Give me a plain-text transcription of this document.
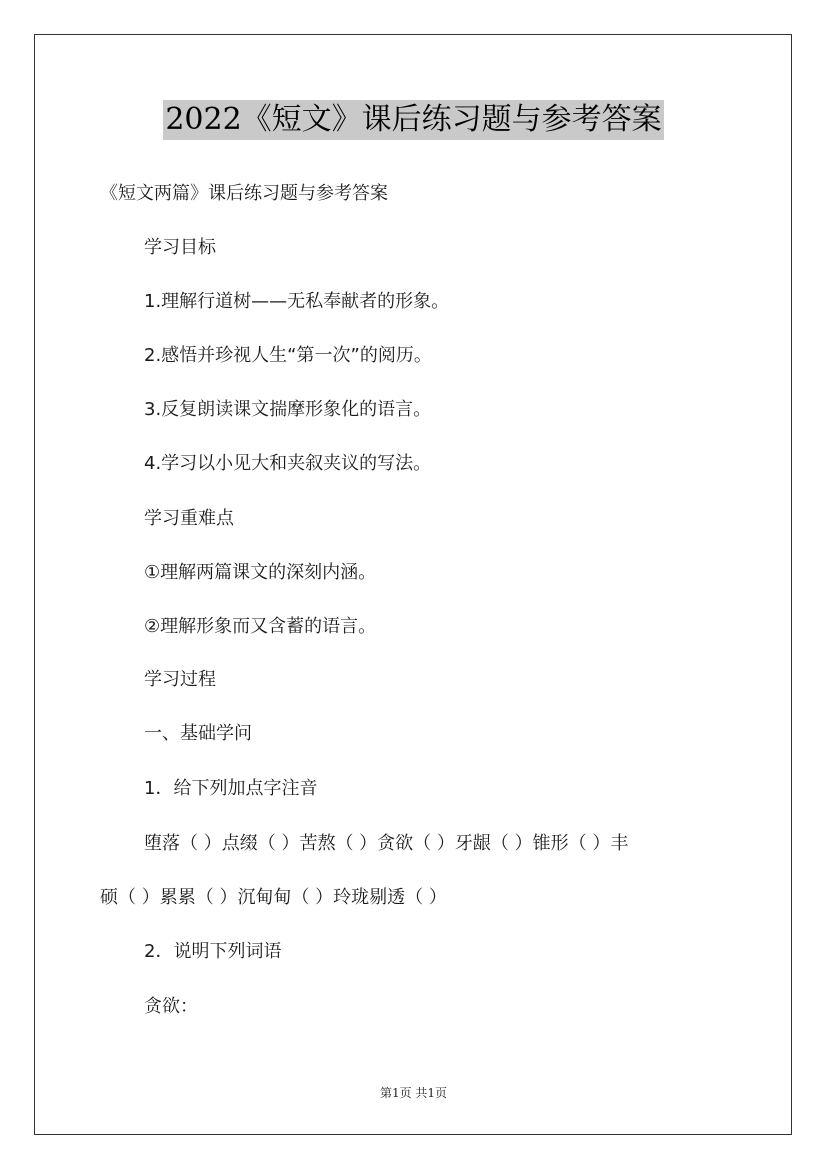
2022《短文》课后练习题与参考答案
《短文两篇》课后练习题与参考答案
学习目标
1.理解行道树——无私奉献者的形象。
2.感悟并珍视人生“第一次”的阅历。
3.反复朗读课文揣摩形象化的语言。
4.学习以小见大和夹叙夹议的写法。
学习重难点
①理解两篇课文的深刻内涵。
②理解形象而又含蓄的语言。
学习过程
一、基础学问
1．给下列加点字注音
堕落（ ）点缀（ ）苦熬（ ）贪欲（ ）牙龈（ ）锥形（ ）丰
硕（ ）累累（ ）沉甸甸（ ）玲珑剔透（ ）
2．说明下列词语
贪欲：
第1页 共1页
